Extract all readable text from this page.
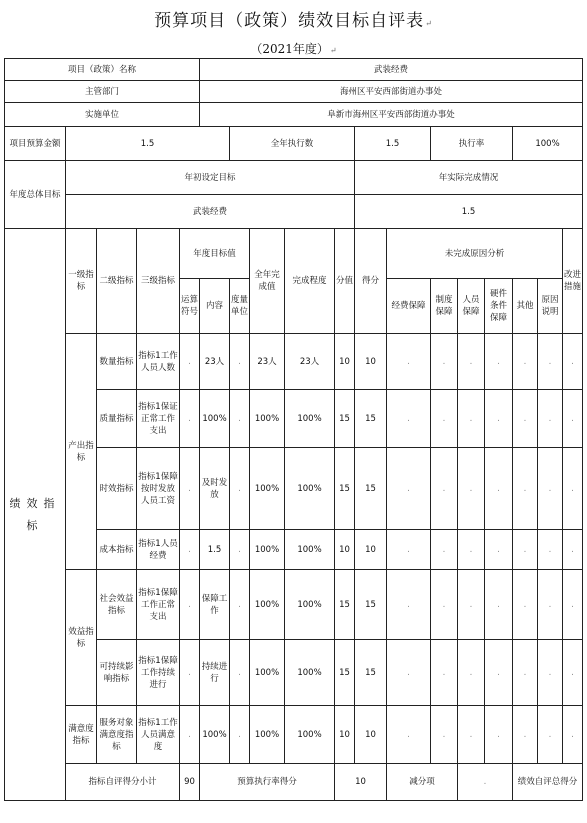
预算项目（政策）绩效目标自评表↵
（2021年度）↵
项目（政策）名称					武装经费													
主管部门					海州区平安西部街道办事处													
实施单位					阜新市海州区平安西部街道办事处													
项目预算金额	1.5					全年执行数				1.5		执行率			100%			
年度总体目标	年初设定目标									年实际完成情况								
	武装经费									1.5								
绩效指标	一级指标	二级指标	三级指标	年度目标值			全年完成值	完成程度	分值	得分	未完成原因分析						改进措施	
				运算符号	内容	度量单位					经费保障	制度保障	人员保障	硬件条件保障	其他	原因说明		
	产出指标	数量指标	指标1工作人员人数	.	23人	.	23人	23人	10	10	.	.	.	.	.	.	.	
		质量指标	指标1保证正常工作支出	.	100%	.	100%	100%	15	15	.	.	.	.	.	.	.	
		时效指标	指标1保障按时发放人员工资	.	及时发放	.	100%	100%	15	15	.	.	.	.	.	.	.	
		成本指标	指标1人员经费	.	1.5	.	100%	100%	10	10	.	.	.	.	.	.	.	
	效益指标	社会效益指标	指标1保障工作正常支出	.	保障工作	.	100%	100%	15	15	.	.	.	.	.	.	.	
		可持续影响指标	指标1保障工作持续进行	.	持续进行	.	100%	100%	15	15	.	.	.	.	.	.	.	
	满意度指标	服务对象满意度指标	指标1工作人员满意度	.	100%	.	100%	100%	10	10	.	.	.	.	.	.	.	
	指标自评得分小计			90	预算执行率得分				10		减分项		.		绩效自评总得分	
